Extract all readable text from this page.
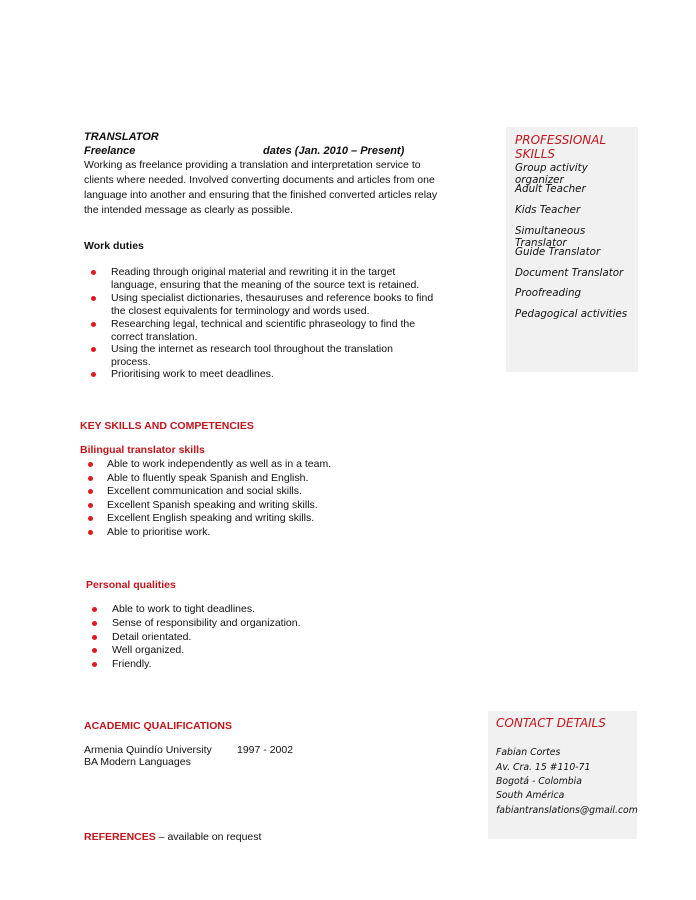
TRANSLATOR
Freelance	dates (Jan. 2010 – Present)
Working as freelance providing a translation and interpretation service to
clients where needed. Involved converting documents and articles from one
language into another and ensuring that the finished converted articles relay
the intended message as clearly as possible.
Work duties
Reading through original material and rewriting it in the target
language, ensuring that the meaning of the source text is retained.
Using specialist dictionaries, thesauruses and reference books to find
the closest equivalents for terminology and words used.
Researching legal, technical and scientific phraseology to find the
correct translation.
Using the internet as research tool throughout the translation
process.
Prioritising work to meet deadlines.
KEY SKILLS AND COMPETENCIES
Bilingual translator skills
Able to work independently as well as in a team.
Able to fluently speak Spanish and English.
Excellent communication and social skills.
Excellent Spanish speaking and writing skills.
Excellent English speaking and writing skills.
Able to prioritise work.
Personal qualities
Able to work to tight deadlines.
Sense of responsibility and organization.
Detail orientated.
Well organized.
Friendly.
ACADEMIC QUALIFICATIONS
Armenia Quindío University 1997 - 2002
BA Modern Languages
REFERENCES – available on request
PROFESSIONAL SKILLS
Group activity organizer
Adult Teacher
Kids Teacher
Simultaneous Translator
Guide Translator
Document Translator
Proofreading
Pedagogical activities
CONTACT DETAILS
Fabian Cortes
Av. Cra. 15 #110-71
Bogotá - Colombia
South América
fabiantranslations@gmail.com
